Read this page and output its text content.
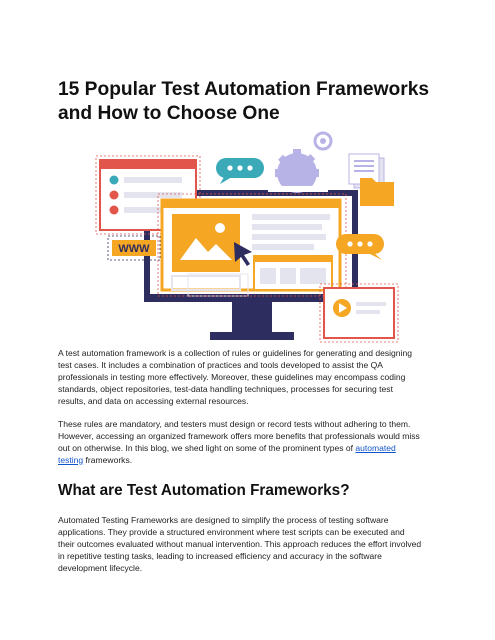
15 Popular Test Automation Frameworks
and How to Choose One
WWW

A test automation framework is a collection of rules or guidelines for generating and designing
test cases. It includes a combination of practices and tools developed to assist the QA
professionals in testing more effectively. Moreover, these guidelines may encompass coding
standards, object repositories, test-data handling techniques, processes for securing test
results, and data on accessing external resources.

These rules are mandatory, and testers must design or record tests without adhering to them.
However, accessing an organized framework offers more benefits that professionals would miss
out on otherwise. In this blog, we shed light on some of the prominent types of automated
testing frameworks.

What are Test Automation Frameworks?

Automated Testing Frameworks are designed to simplify the process of testing software
applications. They provide a structured environment where test scripts can be executed and
their outcomes evaluated without manual intervention. This approach reduces the effort involved
in repetitive testing tasks, leading to increased efficiency and accuracy in the software
development lifecycle.
